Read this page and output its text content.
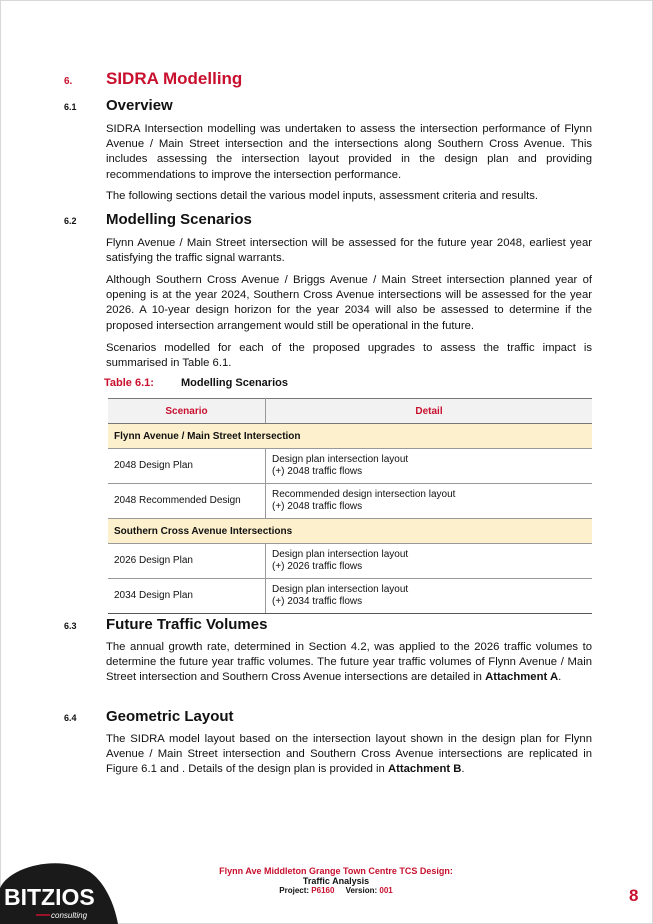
6.	SIDRA Modelling
6.1	Overview

SIDRA Intersection modelling was undertaken to assess the intersection performance of Flynn Avenue / Main Street intersection and the intersections along Southern Cross Avenue. This includes assessing the intersection layout provided in the design plan and providing recommendations to improve the intersection performance.

The following sections detail the various model inputs, assessment criteria and results.

6.2	Modelling Scenarios

Flynn Avenue / Main Street intersection will be assessed for the future year 2048, earliest year satisfying the traffic signal warrants.

Although Southern Cross Avenue / Briggs Avenue / Main Street intersection planned year of opening is at the year 2024, Southern Cross Avenue intersections will be assessed for the year 2026. A 10-year design horizon for the year 2034 will also be assessed to determine if the proposed intersection arrangement would still be operational in the future.

Scenarios modelled for each of the proposed upgrades to assess the traffic impact is summarised in Table 6.1.

Table 6.1:	Modelling Scenarios
Scenario	Detail
Flynn Avenue / Main Street Intersection	
2048 Design Plan	Design plan intersection layout
(+) 2048 traffic flows

2048 Recommended Design	Recommended design intersection layout
(+) 2048 traffic flows

Southern Cross Avenue Intersections	
2026 Design Plan	Design plan intersection layout
(+) 2026 traffic flows

2034 Design Plan	Design plan intersection layout
(+) 2034 traffic flows
6.3	Future Traffic Volumes

The annual growth rate, determined in Section 4.2, was applied to the 2026 traffic volumes to determine the future year traffic volumes. The future year traffic volumes of Flynn Avenue / Main Street intersection and Southern Cross Avenue intersections are detailed in Attachment A.

6.4	Geometric Layout

The SIDRA model layout based on the intersection layout shown in the design plan for Flynn Avenue / Main Street intersection and Southern Cross Avenue intersections are replicated in Figure 6.1 and . Details of the design plan is provided in Attachment B.

Flynn Ave Middleton Grange Town Centre TCS Design:
Traffic Analysis
Project: P6160 Version: 001	8
BITZIOS
consulting
